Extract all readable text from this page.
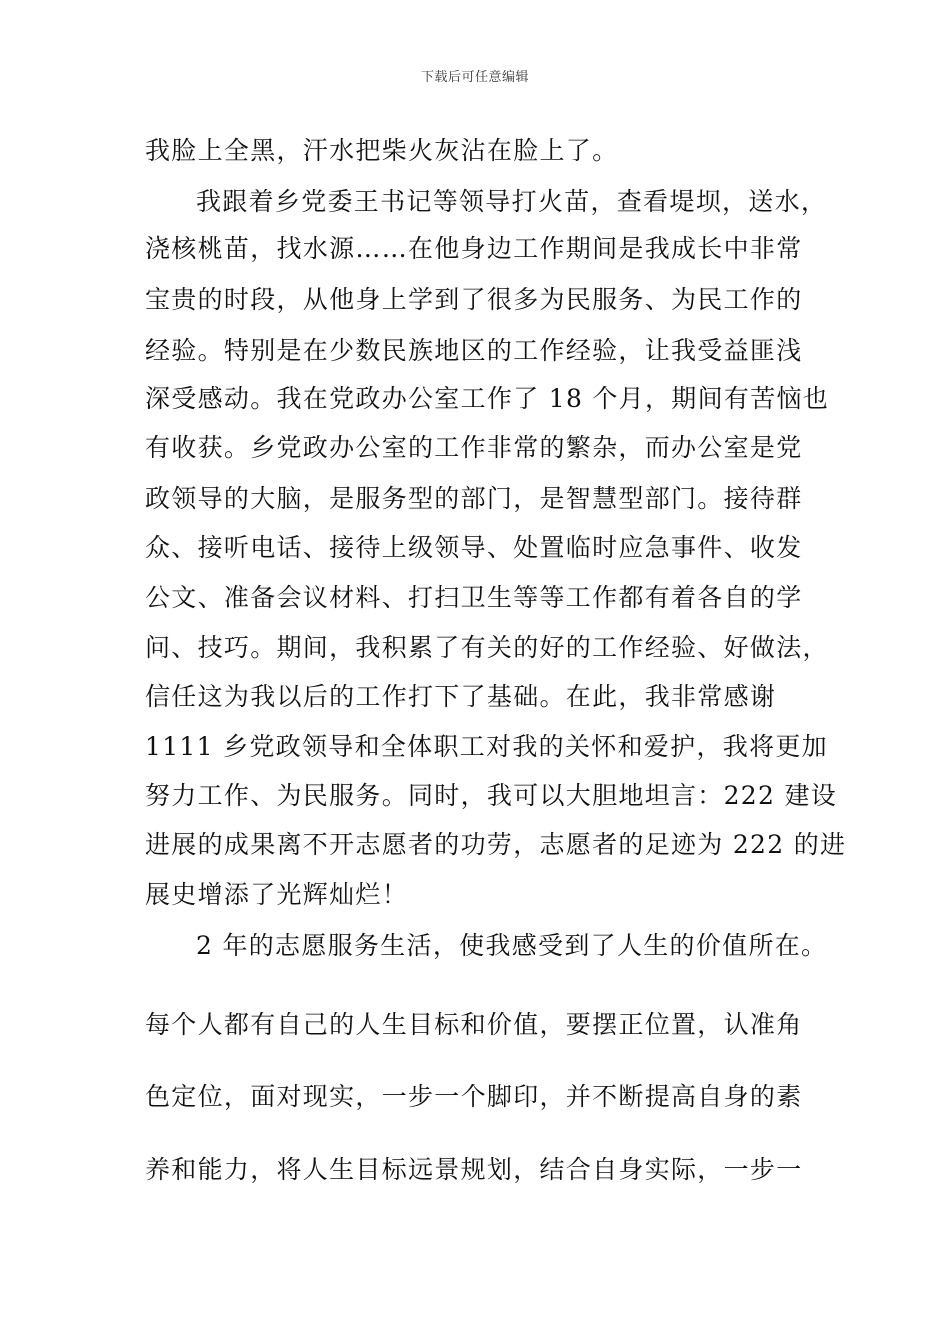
下载后可任意编辑
我脸上全黑，汗水把柴火灰沾在脸上了。
我跟着乡党委王书记等领导打火苗，查看堤坝，送水，
浇核桃苗，找水源……在他身边工作期间是我成长中非常
宝贵的时段，从他身上学到了很多为民服务、为民工作的
经验。特别是在少数民族地区的工作经验，让我受益匪浅
深受感动。我在党政办公室工作了 18 个月，期间有苦恼也
有收获。乡党政办公室的工作非常的繁杂，而办公室是党
政领导的大脑，是服务型的部门，是智慧型部门。接待群
众、接听电话、接待上级领导、处置临时应急事件、收发
公文、准备会议材料、打扫卫生等等工作都有着各自的学
问、技巧。期间，我积累了有关的好的工作经验、好做法，
信任这为我以后的工作打下了基础。在此，我非常感谢
1111 乡党政领导和全体职工对我的关怀和爱护，我将更加
努力工作、为民服务。同时，我可以大胆地坦言：222 建设
进展的成果离不开志愿者的功劳，志愿者的足迹为 222 的进
展史增添了光辉灿烂！
2 年的志愿服务生活，使我感受到了人生的价值所在。
每个人都有自己的人生目标和价值，要摆正位置，认准角
色定位，面对现实，一步一个脚印，并不断提高自身的素
养和能力，将人生目标远景规划，结合自身实际，一步一
